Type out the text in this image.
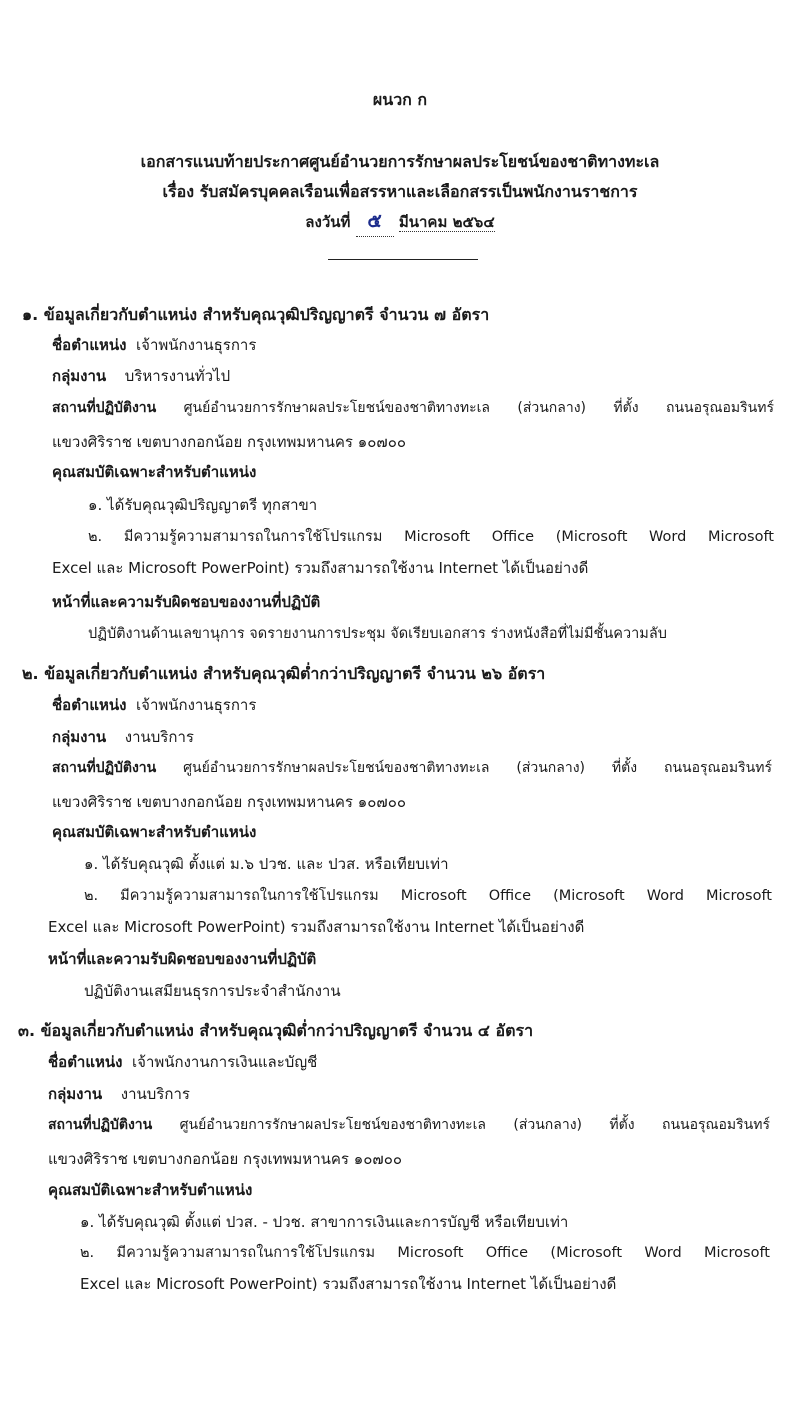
ผนวก ก
เอกสารแนบท้ายประกาศศูนย์อำนวยการรักษาผลประโยชน์ของชาติทางทะเล
เรื่อง รับสมัครบุคคลเรือนเพื่อสรรหาและเลือกสรรเป็นพนักงานราชการ
ลงวันที่ ๕ มีนาคม ๒๕๖๔
๑. ข้อมูลเกี่ยวกับตำแหน่ง สำหรับคุณวุฒิปริญญาตรี จำนวน ๗ อัตรา
ชื่อตำแหน่ง เจ้าพนักงานธุรการ
กลุ่มงาน บริหารงานทั่วไป
สถานที่ปฏิบัติงาน ศูนย์อำนวยการรักษาผลประโยชน์ของชาติทางทะเล (ส่วนกลาง) ที่ตั้ง ถนนอรุณอมรินทร์
แขวงศิริราช เขตบางกอกน้อย กรุงเทพมหานคร ๑๐๗๐๐
คุณสมบัติเฉพาะสำหรับตำแหน่ง
๑. ได้รับคุณวุฒิปริญญาตรี ทุกสาขา
๒. มีความรู้ความสามารถในการใช้โปรแกรม Microsoft Office (Microsoft Word Microsoft
Excel และ Microsoft PowerPoint) รวมถึงสามารถใช้งาน Internet ได้เป็นอย่างดี
หน้าที่และความรับผิดชอบของงานที่ปฏิบัติ
ปฏิบัติงานด้านเลขานุการ จดรายงานการประชุม จัดเรียบเอกสาร ร่างหนังสือที่ไม่มีชั้นความลับ
๒. ข้อมูลเกี่ยวกับตำแหน่ง สำหรับคุณวุฒิต่ำกว่าปริญญาตรี จำนวน ๒๖ อัตรา
ชื่อตำแหน่ง เจ้าพนักงานธุรการ
กลุ่มงาน งานบริการ
สถานที่ปฏิบัติงาน ศูนย์อำนวยการรักษาผลประโยชน์ของชาติทางทะเล (ส่วนกลาง) ที่ตั้ง ถนนอรุณอมรินทร์
แขวงศิริราช เขตบางกอกน้อย กรุงเทพมหานคร ๑๐๗๐๐
คุณสมบัติเฉพาะสำหรับตำแหน่ง
๑. ได้รับคุณวุฒิ ตั้งแต่ ม.๖ ปวช. และ ปวส. หรือเทียบเท่า
๒. มีความรู้ความสามารถในการใช้โปรแกรม Microsoft Office (Microsoft Word Microsoft
Excel และ Microsoft PowerPoint) รวมถึงสามารถใช้งาน Internet ได้เป็นอย่างดี
หน้าที่และความรับผิดชอบของงานที่ปฏิบัติ
ปฏิบัติงานเสมียนธุรการประจำสำนักงาน
๓. ข้อมูลเกี่ยวกับตำแหน่ง สำหรับคุณวุฒิต่ำกว่าปริญญาตรี จำนวน ๔ อัตรา
ชื่อตำแหน่ง เจ้าพนักงานการเงินและบัญชี
กลุ่มงาน งานบริการ
สถานที่ปฏิบัติงาน ศูนย์อำนวยการรักษาผลประโยชน์ของชาติทางทะเล (ส่วนกลาง) ที่ตั้ง ถนนอรุณอมรินทร์
แขวงศิริราช เขตบางกอกน้อย กรุงเทพมหานคร ๑๐๗๐๐
คุณสมบัติเฉพาะสำหรับตำแหน่ง
๑. ได้รับคุณวุฒิ ตั้งแต่ ปวส. - ปวช. สาขาการเงินและการบัญชี หรือเทียบเท่า
๒. มีความรู้ความสามารถในการใช้โปรแกรม Microsoft Office (Microsoft Word Microsoft
Excel และ Microsoft PowerPoint) รวมถึงสามารถใช้งาน Internet ได้เป็นอย่างดี
